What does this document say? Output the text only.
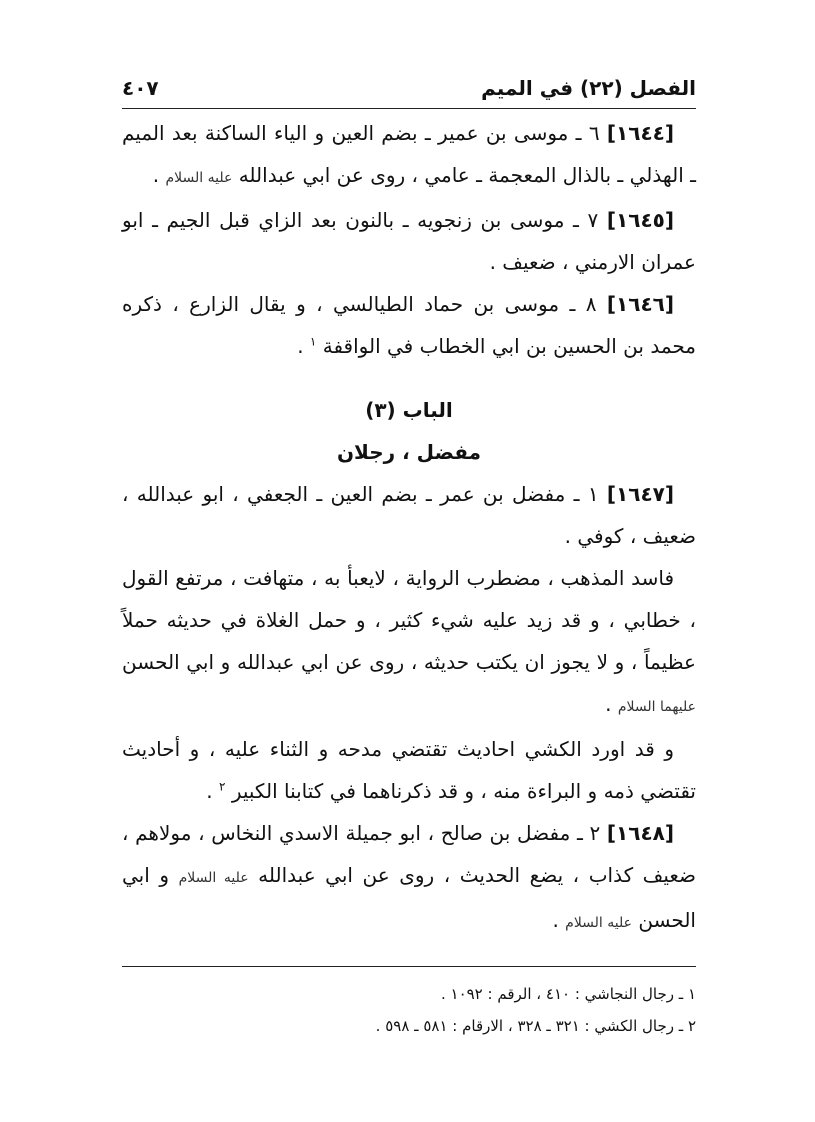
الفصل (٢٢) في الميم
٤٠٧

[١٦٤٤] ٦ ـ موسى بن عمير ـ بضم العين و الياء الساكنة بعد الميم ـ الهذلي ـ بالذال المعجمة ـ عامي ، روى عن ابي عبدالله عليه السلام .

[١٦٤٥] ٧ ـ موسى بن زنجويه ـ بالنون بعد الزاي قبل الجيم ـ ابو عمران الارمني ، ضعيف .

[١٦٤٦] ٨ ـ موسى بن حماد الطيالسي ، و يقال الزارع ، ذكره محمد بن الحسين بن ابي الخطاب في الواقفة $^١$ .

الباب (٣)

مفضل ، رجلان

[١٦٤٧] ١ ـ مفضل بن عمر ـ بضم العين ـ الجعفي ، ابو عبدالله ، ضعيف ، كوفي .

فاسد المذهب ، مضطرب الرواية ، لايعبأ به ، متهافت ، مرتفع القول ، خطابي ، و قد زيد عليه شيء كثير ، و حمل الغلاة في حديثه حملاً عظيماً ، و لا يجوز ان يكتب حديثه ، روى عن ابي عبدالله و ابي الحسن عليهما السلام .

و قد اورد الكشي احاديث تقتضي مدحه و الثناء عليه ، و أحاديث تقتضي ذمه و البراءة منه ، و قد ذكرناهما في كتابنا الكبير $^٢$ .

[١٦٤٨] ٢ ـ مفضل بن صالح ، ابو جميلة الاسدي النخاس ، مولاهم ، ضعيف كذاب ، يضع الحديث ، روى عن ابي عبدالله عليه السلام و ابي الحسن عليه السلام .

١ ـ رجال النجاشي : ٤١٠ ، الرقم : ١٠٩٢ .

٢ ـ رجال الكشي : ٣٢١ ـ ٣٢٨ ، الارقام : ٥٨١ ـ ٥٩٨ .
